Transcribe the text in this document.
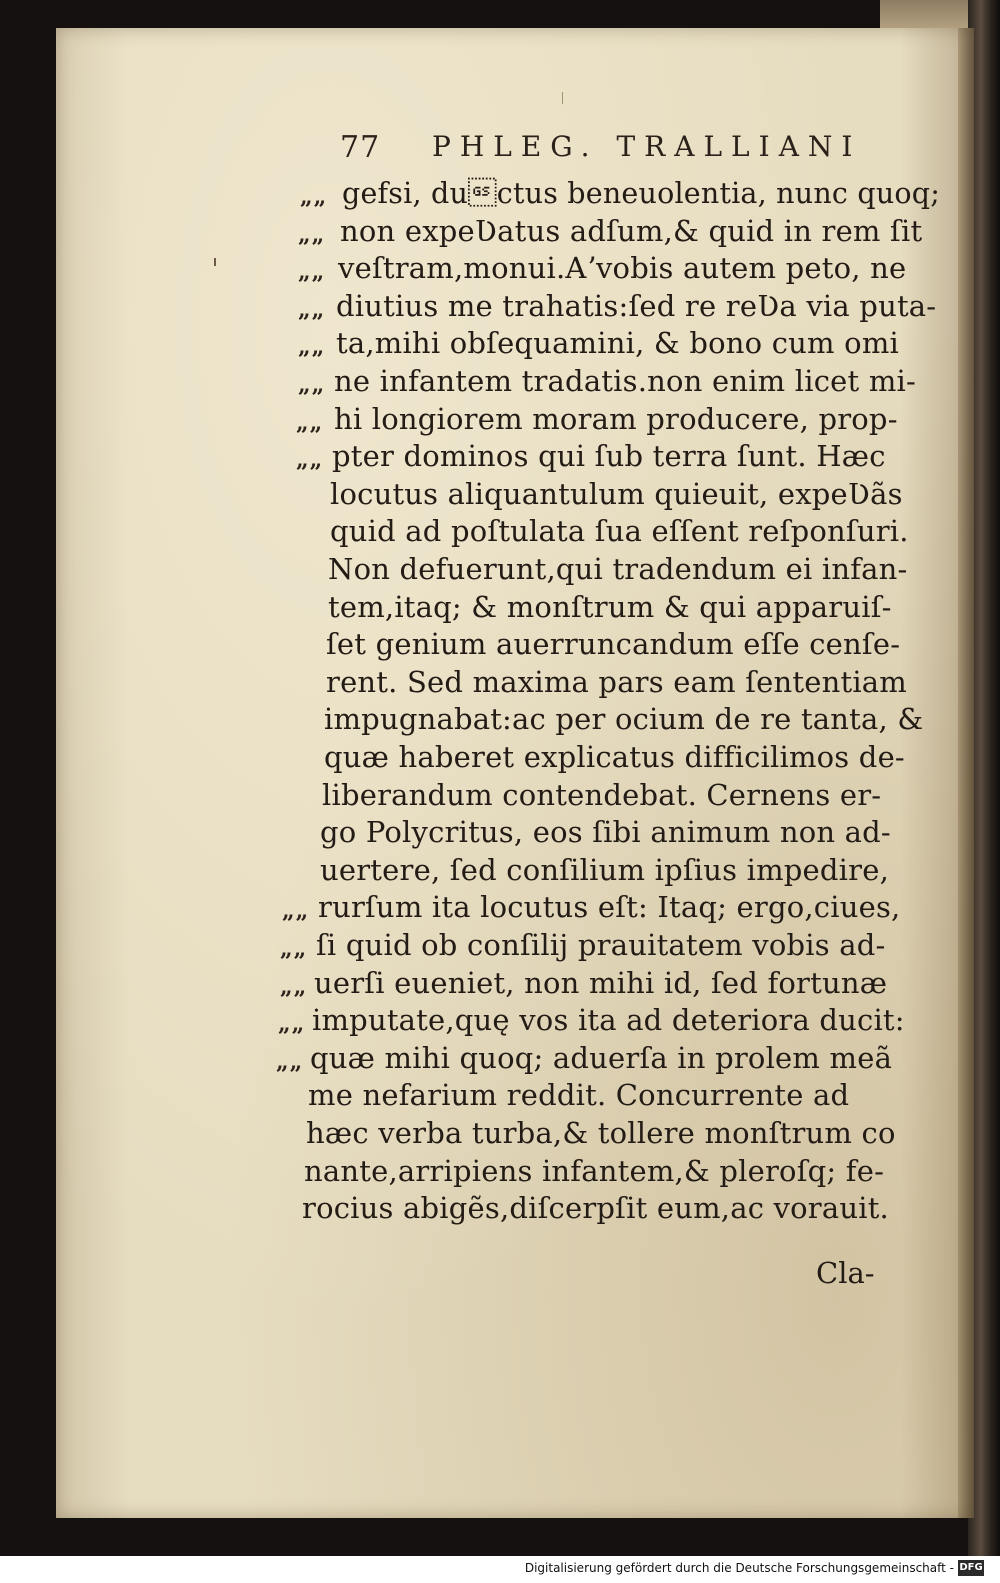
77 PHLEG. TRALLIANI
„„ gefsi, ductus beneuolentia, nunc quoq;
„„ non expeƲatus adſum,& quid in rem ſit
„„ veſtram,monui.Aʼvobis autem peto, ne
„„ diutius me trahatis:ſed re reƲa via puta-
„„ ta,mihi obſequamini, & bono cum omi
„„ ne infantem tradatis.non enim licet mi-
„„ hi longiorem moram producere, prop-
„„ pter dominos qui ſub terra ſunt. Hæc
locutus aliquantulum quieuit, expeƲãs
quid ad poſtulata ſua eſſent reſponſuri.
Non defuerunt,qui tradendum ei infan-
tem,itaq; & monſtrum & qui apparuiſ-
ſet genium auerruncandum eſſe cenſe-
rent. Sed maxima pars eam ſententiam
impugnabat:ac per ocium de re tanta, &
quæ haberet explicatus difficilimos de-
liberandum contendebat. Cernens er-
go Polycritus, eos ſibi animum non ad-
uertere, ſed conſilium ipſius impedire,
„„ rurſum ita locutus eſt: Itaq; ergo,ciues,
„„ ſi quid ob conſilij prauitatem vobis ad-
„„ uerſi eueniet, non mihi id, ſed fortunæ
„„ imputate,quę vos ita ad deteriora ducit:
„„ quæ mihi quoq; aduerſa in prolem meã
me nefarium reddit. Concurrente ad
hæc verba turba,& tollere monſtrum co
nante,arripiens infantem,& pleroſq; fe-
rocius abigẽs,diſcerpſit eum,ac vorauit.
Cla-
Digitalisierung gefördert durch die Deutsche Forschungsgemeinschaft - DFG
